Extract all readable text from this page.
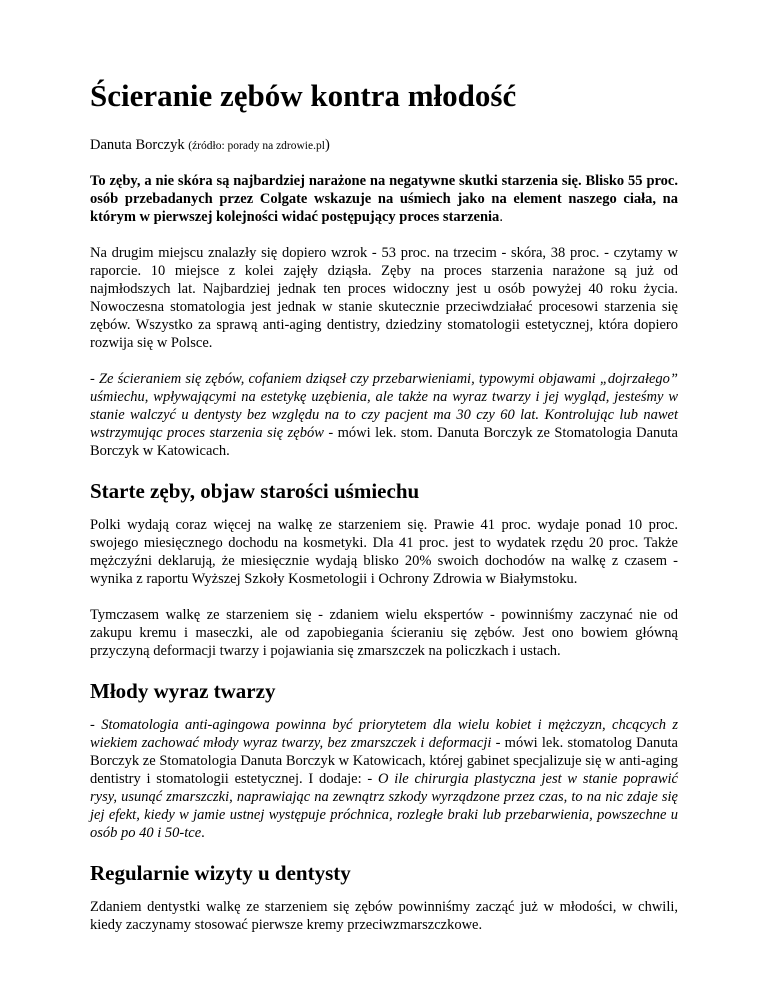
Ścieranie zębów kontra młodość
Danuta Borczyk (źródło: porady na zdrowie.pl)

To zęby, a nie skóra są najbardziej narażone na negatywne skutki starzenia się. Blisko 55 proc. osób przebadanych przez Colgate wskazuje na uśmiech jako na element naszego ciała, na którym w pierwszej kolejności widać postępujący proces starzenia.

Na drugim miejscu znalazły się dopiero wzrok - 53 proc. na trzecim - skóra, 38 proc. - czytamy w raporcie. 10 miejsce z kolei zajęły dziąsła. Zęby na proces starzenia narażone są już od najmłodszych lat. Najbardziej jednak ten proces widoczny jest u osób powyżej 40 roku życia. Nowoczesna stomatologia jest jednak w stanie skutecznie przeciwdziałać procesowi starzenia się zębów. Wszystko za sprawą anti-aging dentistry, dziedziny stomatologii estetycznej, która dopiero rozwija się w Polsce.

- Ze ścieraniem się zębów, cofaniem dziąseł czy przebarwieniami, typowymi objawami „dojrzałego” uśmiechu, wpływającymi na estetykę uzębienia, ale także na wyraz twarzy i jej wygląd, jesteśmy w stanie walczyć u dentysty bez względu na to czy pacjent ma 30 czy 60 lat. Kontrolując lub nawet wstrzymując proces starzenia się zębów - mówi lek. stom. Danuta Borczyk ze Stomatologia Danuta Borczyk w Katowicach.

Starte zęby, objaw starości uśmiechu

Polki wydają coraz więcej na walkę ze starzeniem się. Prawie 41 proc. wydaje ponad 10 proc. swojego miesięcznego dochodu na kosmetyki. Dla 41 proc. jest to wydatek rzędu 20 proc. Także mężczyźni deklarują, że miesięcznie wydają blisko 20% swoich dochodów na walkę z czasem - wynika z raportu Wyższej Szkoły Kosmetologii i Ochrony Zdrowia w Białymstoku.

Tymczasem walkę ze starzeniem się - zdaniem wielu ekspertów - powinniśmy zaczynać nie od zakupu kremu i maseczki, ale od zapobiegania ścieraniu się zębów. Jest ono bowiem główną przyczyną deformacji twarzy i pojawiania się zmarszczek na policzkach i ustach.

Młody wyraz twarzy

- Stomatologia anti-agingowa powinna być priorytetem dla wielu kobiet i mężczyzn, chcących z wiekiem zachować młody wyraz twarzy, bez zmarszczek i deformacji - mówi lek. stomatolog Danuta Borczyk ze Stomatologia Danuta Borczyk w Katowicach, której gabinet specjalizuje się w anti-aging dentistry i stomatologii estetycznej. I dodaje: - O ile chirurgia plastyczna jest w stanie poprawić rysy, usunąć zmarszczki, naprawiając na zewnątrz szkody wyrządzone przez czas, to na nic zdaje się jej efekt, kiedy w jamie ustnej występuje próchnica, rozległe braki lub przebarwienia, powszechne u osób po 40 i 50-tce.

Regularnie wizyty u dentysty

Zdaniem dentystki walkę ze starzeniem się zębów powinniśmy zacząć już w młodości, w chwili, kiedy zaczynamy stosować pierwsze kremy przeciwzmarszczkowe.
